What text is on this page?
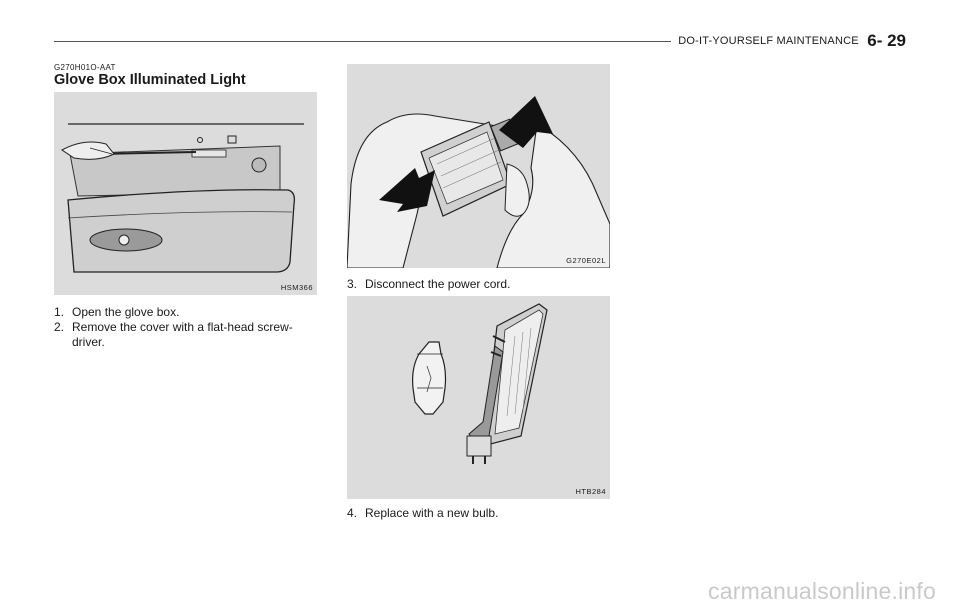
DO-IT-YOURSELF MAINTENANCE 6- 29
G270H01O-AAT
Glove Box Illuminated Light
HSM366
1. Open the glove box.
2. Remove the cover with a flat-head screw-
driver.
G270E02L
3. Disconnect the power cord.
HTB284
4. Replace with a new bulb.
carmanualsonline.info
